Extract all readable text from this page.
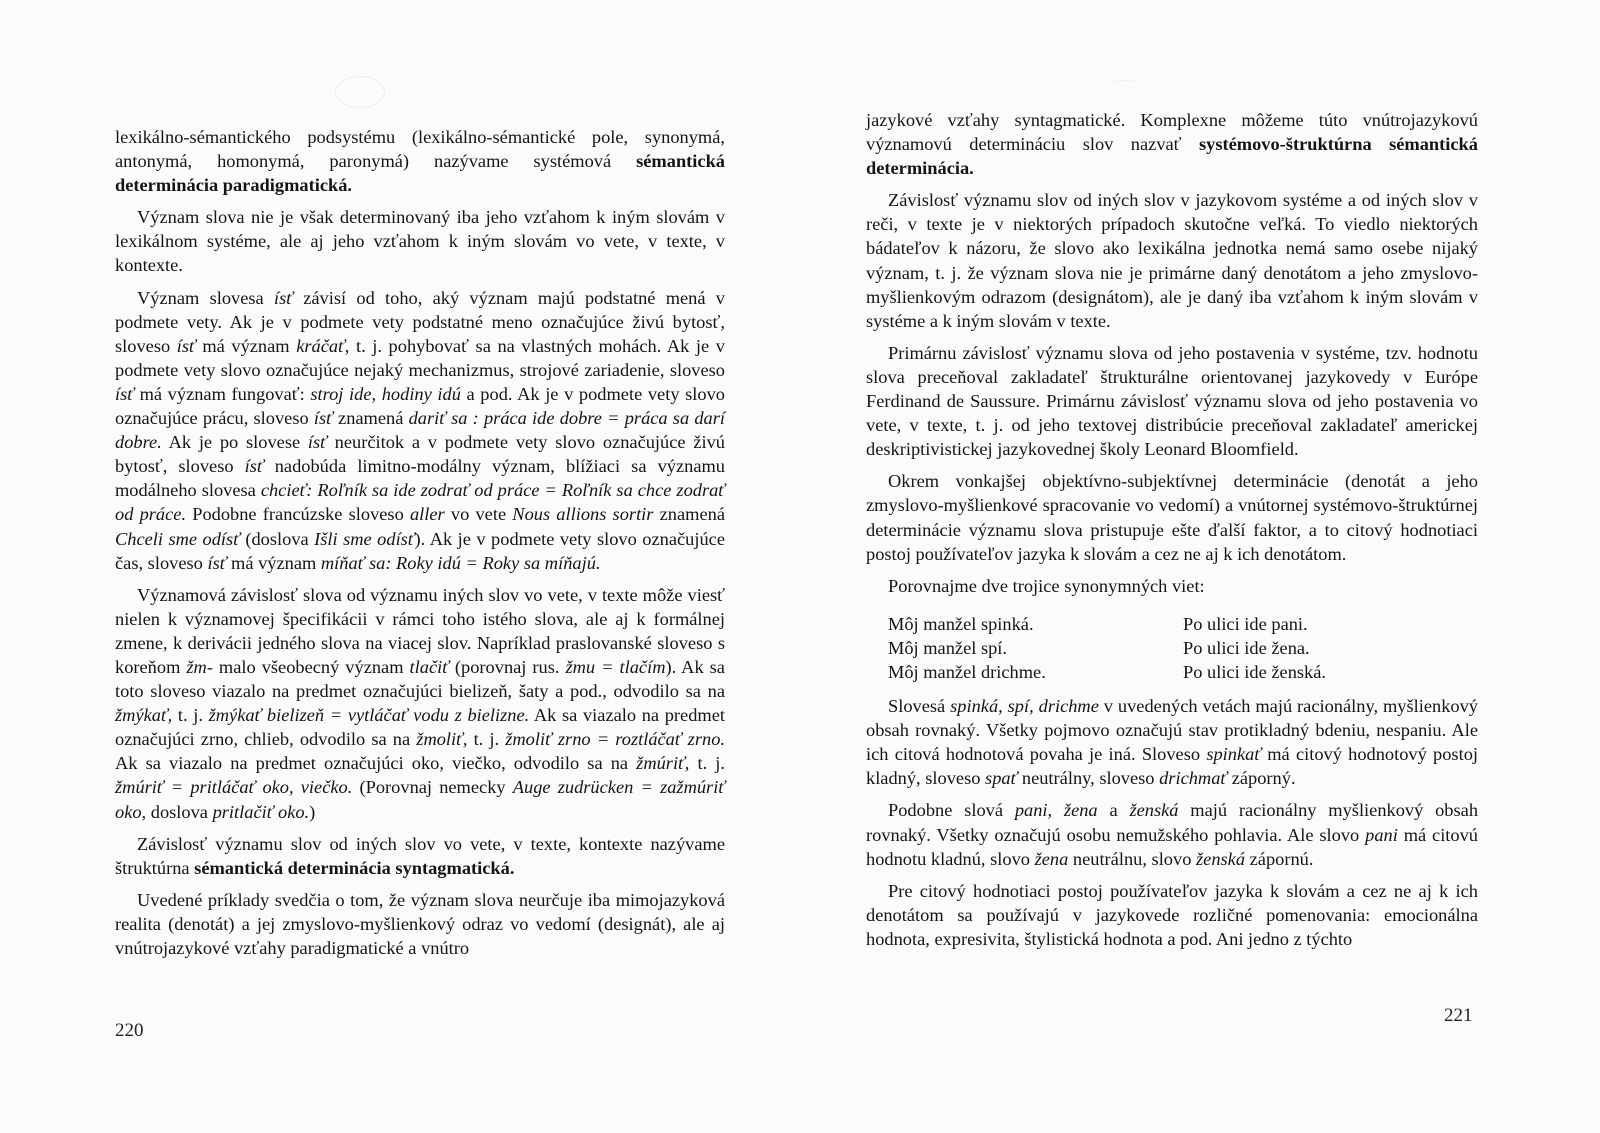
lexikálno-sémantického podsystému (lexikálno-sémantické pole, synonymá, antonymá, homonymá, paronymá) nazývame systémová sémantická determinácia paradigmatická.

Význam slova nie je však determinovaný iba jeho vzťahom k iným slovám v lexikálnom systéme, ale aj jeho vzťahom k iným slovám vo vete, v texte, v kontexte.

Význam slovesa ísť závisí od toho, aký význam majú podstatné mená v podmete vety. Ak je v podmete vety podstatné meno označujúce živú bytosť, sloveso ísť má význam kráčať, t. j. pohybovať sa na vlastných mohách. Ak je v podmete vety slovo označujúce nejaký mechanizmus, strojové zariadenie, sloveso ísť má význam fungovať: stroj ide, hodiny idú a pod. Ak je v podmete vety slovo označujúce prácu, sloveso ísť znamená dariť sa : práca ide dobre = práca sa darí dobre. Ak je po slovese ísť neurčitok a v podmete vety slovo označujúce živú bytosť, sloveso ísť nadobúda limitno-modálny význam, blížiaci sa významu modálneho slovesa chcieť: Roľník sa ide zodrať od práce = Roľník sa chce zodrať od práce. Podobne francúzske sloveso aller vo vete Nous allions sortir znamená Chceli sme odísť (doslova Išli sme odísť). Ak je v podmete vety slovo označujúce čas, sloveso ísť má význam míňať sa: Roky idú = Roky sa míňajú.

Významová závislosť slova od významu iných slov vo vete, v texte môže viesť nielen k významovej špecifikácii v rámci toho istého slova, ale aj k formálnej zmene, k derivácii jedného slova na viacej slov. Napríklad praslovanské sloveso s koreňom žm- malo všeobecný význam tlačiť (porovnaj rus. žmu = tlačím). Ak sa toto sloveso viazalo na predmet označujúci bielizeň, šaty a pod., odvodilo sa na žmýkať, t. j. žmýkať bielizeň = vytláčať vodu z bielizne. Ak sa viazalo na predmet označujúci zrno, chlieb, odvodilo sa na žmoliť, t. j. žmoliť zrno = roztláčať zrno. Ak sa viazalo na predmet označujúci oko, viečko, odvodilo sa na žmúriť, t. j. žmúriť = pritláčať oko, viečko. (Porovnaj nemecky Auge zudrücken = zažmúriť oko, doslova pritlačiť oko.)

Závislosť významu slov od iných slov vo vete, v texte, kontexte nazývame štruktúrna sémantická determinácia syntagmatická.

Uvedené príklady svedčia o tom, že význam slova neurčuje iba mimojazyková realita (denotát) a jej zmyslovo-myšlienkový odraz vo vedomí (designát), ale aj vnútrojazykové vzťahy paradigmatické a vnútro

220

jazykové vzťahy syntagmatické. Komplexne môžeme túto vnútrojazykovú významovú determináciu slov nazvať systémovo-štruktúrna sémantická determinácia.

Závislosť významu slov od iných slov v jazykovom systéme a od iných slov v reči, v texte je v niektorých prípadoch skutočne veľká. To viedlo niektorých bádateľov k názoru, že slovo ako lexikálna jednotka nemá samo osebe nijaký význam, t. j. že význam slova nie je primárne daný denotátom a jeho zmyslovo-myšlienkovým odrazom (designátom), ale je daný iba vzťahom k iným slovám v systéme a k iným slovám v texte.

Primárnu závislosť významu slova od jeho postavenia v systéme, tzv. hodnotu slova preceňoval zakladateľ štrukturálne orientovanej jazykovedy v Európe Ferdinand de Saussure. Primárnu závislosť významu slova od jeho postavenia vo vete, v texte, t. j. od jeho textovej distribúcie preceňoval zakladateľ americkej deskriptivistickej jazykovednej školy Leonard Bloomfield.

Okrem vonkajšej objektívno-subjektívnej determinácie (denotát a jeho zmyslovo-myšlienkové spracovanie vo vedomí) a vnútornej systémovo-štruktúrnej determinácie významu slova pristupuje ešte ďalší faktor, a to citový hodnotiaci postoj používateľov jazyka k slovám a cez ne aj k ich denotátom.

Porovnajme dve trojice synonymných viet:

Môj manžel spinká.	Po ulici ide pani.
Môj manžel spí.	Po ulici ide žena.
Môj manžel drichme.	Po ulici ide ženská.

Slovesá spinká, spí, drichme v uvedených vetách majú racionálny, myšlienkový obsah rovnaký. Všetky pojmovo označujú stav protikladný bdeniu, nespaniu. Ale ich citová hodnotová povaha je iná. Sloveso spinkať má citový hodnotový postoj kladný, sloveso spať neutrálny, sloveso drichmať záporný.

Podobne slová pani, žena a ženská majú racionálny myšlienkový obsah rovnaký. Všetky označujú osobu nemužského pohlavia. Ale slovo pani má citovú hodnotu kladnú, slovo žena neutrálnu, slovo ženská zápornú.

Pre citový hodnotiaci postoj používateľov jazyka k slovám a cez ne aj k ich denotátom sa používajú v jazykovede rozličné pomenovania: emocionálna hodnota, expresivita, štylistická hodnota a pod. Ani jedno z týchto

221
